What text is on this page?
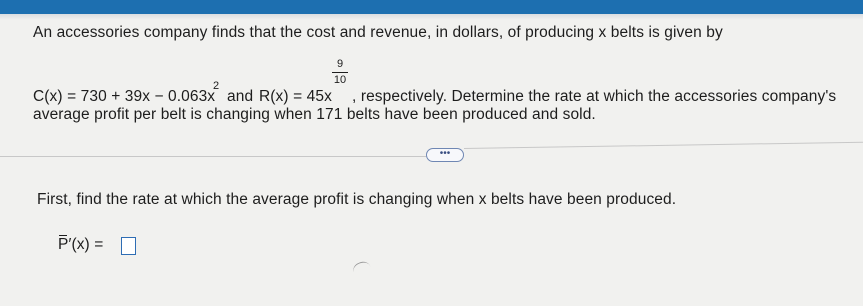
An accessories company finds that the cost and revenue, in dollars, of producing x belts is given by
C(x) = 730 + 39x − 0.063x
2
and R(x) = 45x
9
10
, respectively. Determine the rate at which the accessories company's
average profit per belt is changing when 171 belts have been produced and sold.
•••
First, find the rate at which the average profit is changing when x belts have been produced.
P′(x) =
